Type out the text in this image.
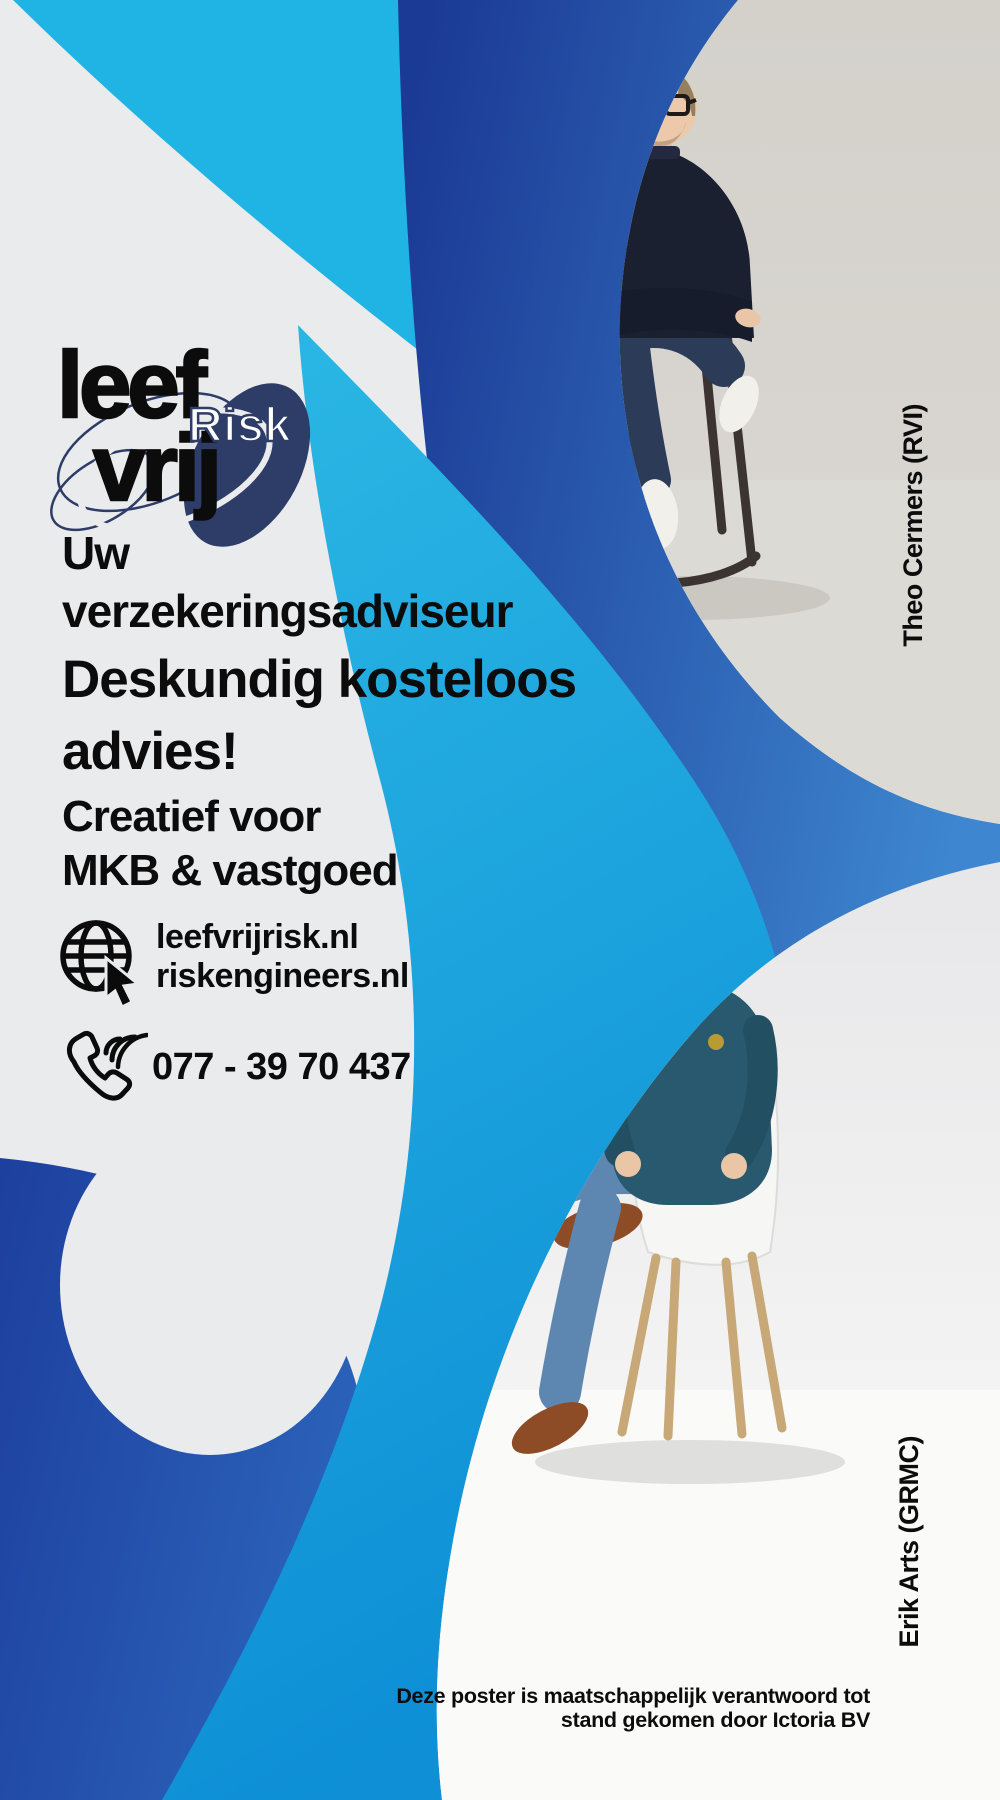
leef
vrij
Risk
Uw
verzekeringsadviseur
Deskundig kosteloos
advies!
Creatief voor
MKB & vastgoed
leefvrijrisk.nl
riskengineers.nl
077 - 39 70 437
Theo Cermers (RVI)
Erik Arts (GRMC)
Deze poster is maatschappelijk verantwoord tot
stand gekomen door Ictoria BV
